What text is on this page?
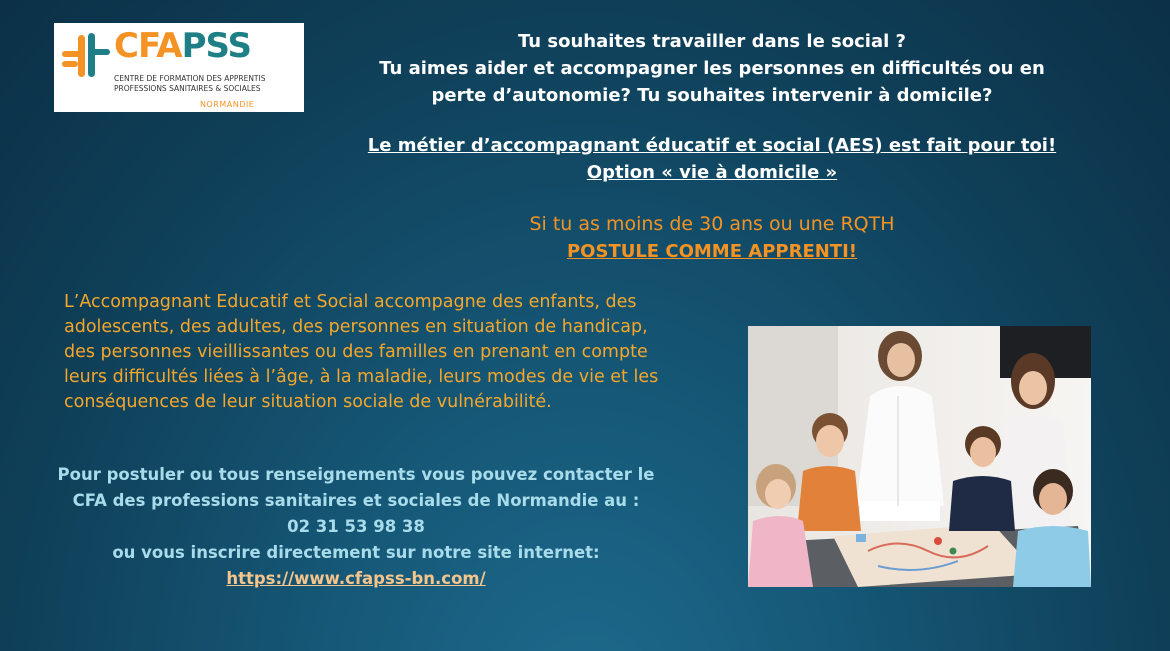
CFAPSS
CENTRE DE FORMATION DES APPRENTIS
PROFESSIONS SANITAIRES & SOCIALES
NORMANDIE

Tu souhaites travailler dans le social ?

Tu aimes aider et accompagner les personnes en difficultés ou en

perte d’autonomie? Tu souhaites intervenir à domicile?

Le métier d’accompagnant éducatif et social (AES) est fait pour toi!

Option « vie à domicile »

Si tu as moins de 30 ans ou une RQTH

POSTULE COMME APPRENTI!

L’Accompagnant Educatif et Social accompagne des enfants, des
adolescents, des adultes, des personnes en situation de handicap,
des personnes vieillissantes ou des familles en prenant en compte
leurs difficultés liées à l’âge, à la maladie, leurs modes de vie et les
conséquences de leur situation sociale de vulnérabilité.
Pour postuler ou tous renseignements vous pouvez contacter le
CFA des professions sanitaires et sociales de Normandie au :
02 31 53 98 38
ou vous inscrire directement sur notre site internet:
https://www.cfapss-bn.com/
